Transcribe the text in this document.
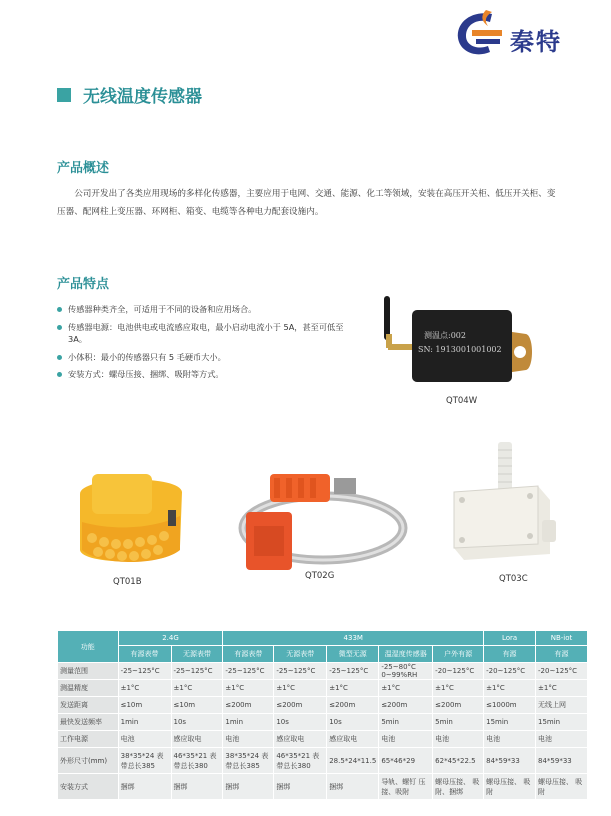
秦特
无线温度传感器
产品概述
公司开发出了各类应用现场的多样化传感器，主要应用于电网、交通、能源、化工等领域，安装在高压开关柜、低压开关柜、变压器、配网柱上变压器、环网柜、箱变、电缆等各种电力配套设施内。
产品特点
传感器种类齐全，可适用于不同的设备和应用场合。
传感器电源：电池供电或电流感应取电，最小启动电流小于 5A，甚至可低至 3A。
小体积：最小的传感器只有 5 毛硬币大小。
安装方式：螺母压接、捆绑、吸附等方式。
测温点:002
SN: 1913001001002
QT04W
QT01B
QT02G	QT03C
功能	2.4G		433M					Lora	NB-iot
	有源表带	无源表带	有源表带	无源表带	微型无源	温湿度传感器	户外有源	有源	有源
测量范围	-25~125°C	-25~125°C	-25~125°C	-25~125°C	-25~125°C	-25~80°C 0~99%RH	-20~125°C	-20~125°C	-20~125°C
测温精度	±1°C	±1°C	±1°C	±1°C	±1°C	±1°C	±1°C	±1°C	±1°C
发送距离	≤10m	≤10m	≤200m	≤200m	≤200m	≤200m	≤200m	≤1000m	无线上网
最快发送频率	1min	10s	1min	10s	10s	5min	5min	15min	15min
工作电源	电池	感应取电	电池	感应取电	感应取电	电池	电池	电池	电池
外形尺寸(mm)	38*35*24 表带总长385	46*35*21 表带总长380	38*35*24 表带总长385	46*35*21 表带总长380	28.5*24*11.5	65*46*29	62*45*22.5	84*59*33	84*59*33
安装方式	捆绑	捆绑	捆绑	捆绑	捆绑	导轨、螺钉 压接、吸附	螺母压接、 吸附、捆绑	螺母压接、 吸附	螺母压接、 吸附
